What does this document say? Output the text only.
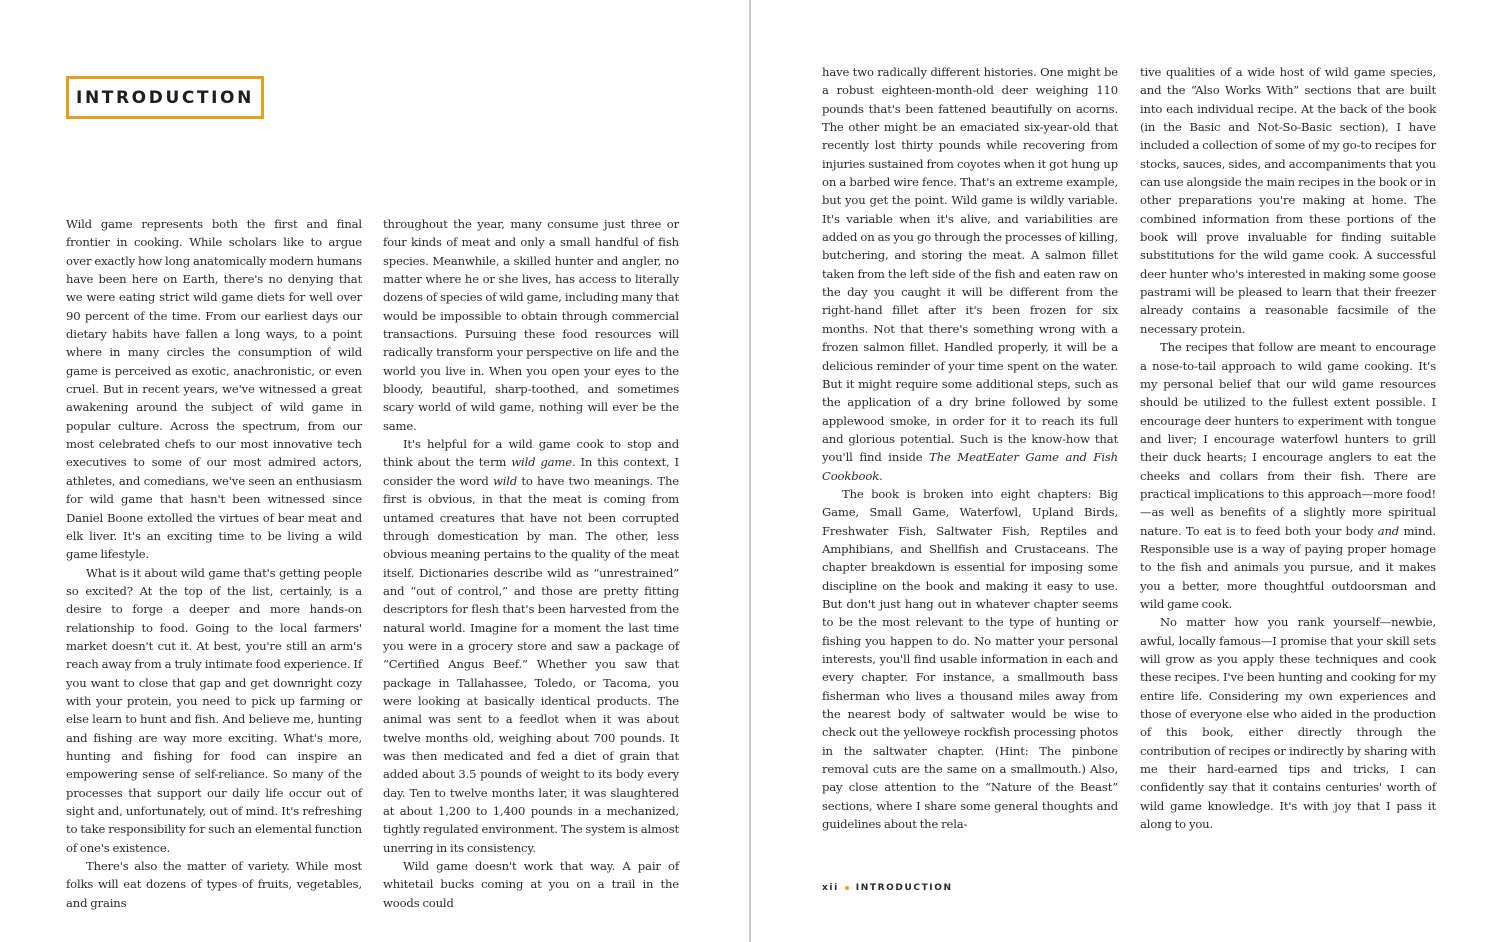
INTRODUCTION

Wild game represents both the first and final frontier in cooking. While scholars like to argue over exactly how long anatomically modern humans have been here on Earth, there's no denying that we were eating strict wild game diets for well over 90 percent of the time. From our earliest days our dietary habits have fallen a long ways, to a point where in many circles the consumption of wild game is perceived as exotic, anachronistic, or even cruel. But in recent years, we've witnessed a great awakening around the subject of wild game in popular culture. Across the spectrum, from our most celebrated chefs to our most innovative tech executives to some of our most admired actors, athletes, and comedians, we've seen an enthusiasm for wild game that hasn't been witnessed since Daniel Boone extolled the virtues of bear meat and elk liver. It's an exciting time to be living a wild game lifestyle.

What is it about wild game that's getting people so excited? At the top of the list, certainly, is a desire to forge a deeper and more hands-on relationship to food. Going to the local farmers' market doesn't cut it. At best, you're still an arm's reach away from a truly intimate food experience. If you want to close that gap and get downright cozy with your protein, you need to pick up farming or else learn to hunt and fish. And believe me, hunting and fishing are way more exciting. What's more, hunting and fishing for food can inspire an empowering sense of self-reliance. So many of the processes that support our daily life occur out of sight and, unfortunately, out of mind. It's refreshing to take responsibility for such an elemental function of one's existence.

There's also the matter of variety. While most folks will eat dozens of types of fruits, vegetables, and grains

throughout the year, many consume just three or four kinds of meat and only a small handful of fish species. Meanwhile, a skilled hunter and angler, no matter where he or she lives, has access to literally dozens of species of wild game, including many that would be impossible to obtain through commercial transactions. Pursuing these food resources will radically transform your perspective on life and the world you live in. When you open your eyes to the bloody, beautiful, sharp-toothed, and sometimes scary world of wild game, nothing will ever be the same.

It's helpful for a wild game cook to stop and think about the term wild game. In this context, I consider the word wild to have two meanings. The first is obvious, in that the meat is coming from untamed creatures that have not been corrupted through domestication by man. The other, less obvious meaning pertains to the quality of the meat itself. Dictionaries describe wild as “unrestrained” and “out of control,” and those are pretty fitting descriptors for flesh that's been harvested from the natural world. Imagine for a moment the last time you were in a grocery store and saw a package of “Certified Angus Beef.” Whether you saw that package in Tallahassee, Toledo, or Tacoma, you were looking at basically identical products. The animal was sent to a feedlot when it was about twelve months old, weighing about 700 pounds. It was then medicated and fed a diet of grain that added about 3.5 pounds of weight to its body every day. Ten to twelve months later, it was slaughtered at about 1,200 to 1,400 pounds in a mechanized, tightly regulated environment. The system is almost unerring in its consistency.

Wild game doesn't work that way. A pair of whitetail bucks coming at you on a trail in the woods could

have two radically different histories. One might be a robust eighteen-month-old deer weighing 110 pounds that's been fattened beautifully on acorns. The other might be an emaciated six-year-old that recently lost thirty pounds while recovering from injuries sustained from coyotes when it got hung up on a barbed wire fence. That's an extreme example, but you get the point. Wild game is wildly variable. It's variable when it's alive, and variabilities are added on as you go through the processes of killing, butchering, and storing the meat. A salmon fillet taken from the left side of the fish and eaten raw on the day you caught it will be different from the right-hand fillet after it's been frozen for six months. Not that there's something wrong with a frozen salmon fillet. Handled properly, it will be a delicious reminder of your time spent on the water. But it might require some additional steps, such as the application of a dry brine followed by some applewood smoke, in order for it to reach its full and glorious potential. Such is the know-how that you'll find inside The MeatEater Game and Fish Cookbook.

The book is broken into eight chapters: Big Game, Small Game, Waterfowl, Upland Birds, Freshwater Fish, Saltwater Fish, Reptiles and Amphibians, and Shellfish and Crustaceans. The chapter breakdown is essential for imposing some discipline on the book and making it easy to use. But don't just hang out in whatever chapter seems to be the most relevant to the type of hunting or fishing you happen to do. No matter your personal interests, you'll find usable information in each and every chapter. For instance, a smallmouth bass fisherman who lives a thousand miles away from the nearest body of saltwater would be wise to check out the yelloweye rockfish processing photos in the saltwater chapter. (Hint: The pinbone removal cuts are the same on a smallmouth.) Also, pay close attention to the “Nature of the Beast” sections, where I share some general thoughts and guidelines about the rela-

tive qualities of a wide host of wild game species, and the “Also Works With” sections that are built into each individual recipe. At the back of the book (in the Basic and Not-So-Basic section), I have included a collection of some of my go-to recipes for stocks, sauces, sides, and accompaniments that you can use alongside the main recipes in the book or in other preparations you're making at home. The combined information from these portions of the book will prove invaluable for finding suitable substitutions for the wild game cook. A successful deer hunter who's interested in making some goose pastrami will be pleased to learn that their freezer already contains a reasonable facsimile of the necessary protein.

The recipes that follow are meant to encourage a nose-to-tail approach to wild game cooking. It's my personal belief that our wild game resources should be utilized to the fullest extent possible. I encourage deer hunters to experiment with tongue and liver; I encourage waterfowl hunters to grill their duck hearts; I encourage anglers to eat the cheeks and collars from their fish. There are practical implications to this approach—more food!—as well as benefits of a slightly more spiritual nature. To eat is to feed both your body and mind. Responsible use is a way of paying proper homage to the fish and animals you pursue, and it makes you a better, more thoughtful outdoorsman and wild game cook.

No matter how you rank yourself—newbie, awful, locally famous—I promise that your skill sets will grow as you apply these techniques and cook these recipes. I've been hunting and cooking for my entire life. Considering my own experiences and those of everyone else who aided in the production of this book, either directly through the contribution of recipes or indirectly by sharing with me their hard-earned tips and tricks, I can confidently say that it contains centuries' worth of wild game knowledge. It's with joy that I pass it along to you.

xii INTRODUCTION
